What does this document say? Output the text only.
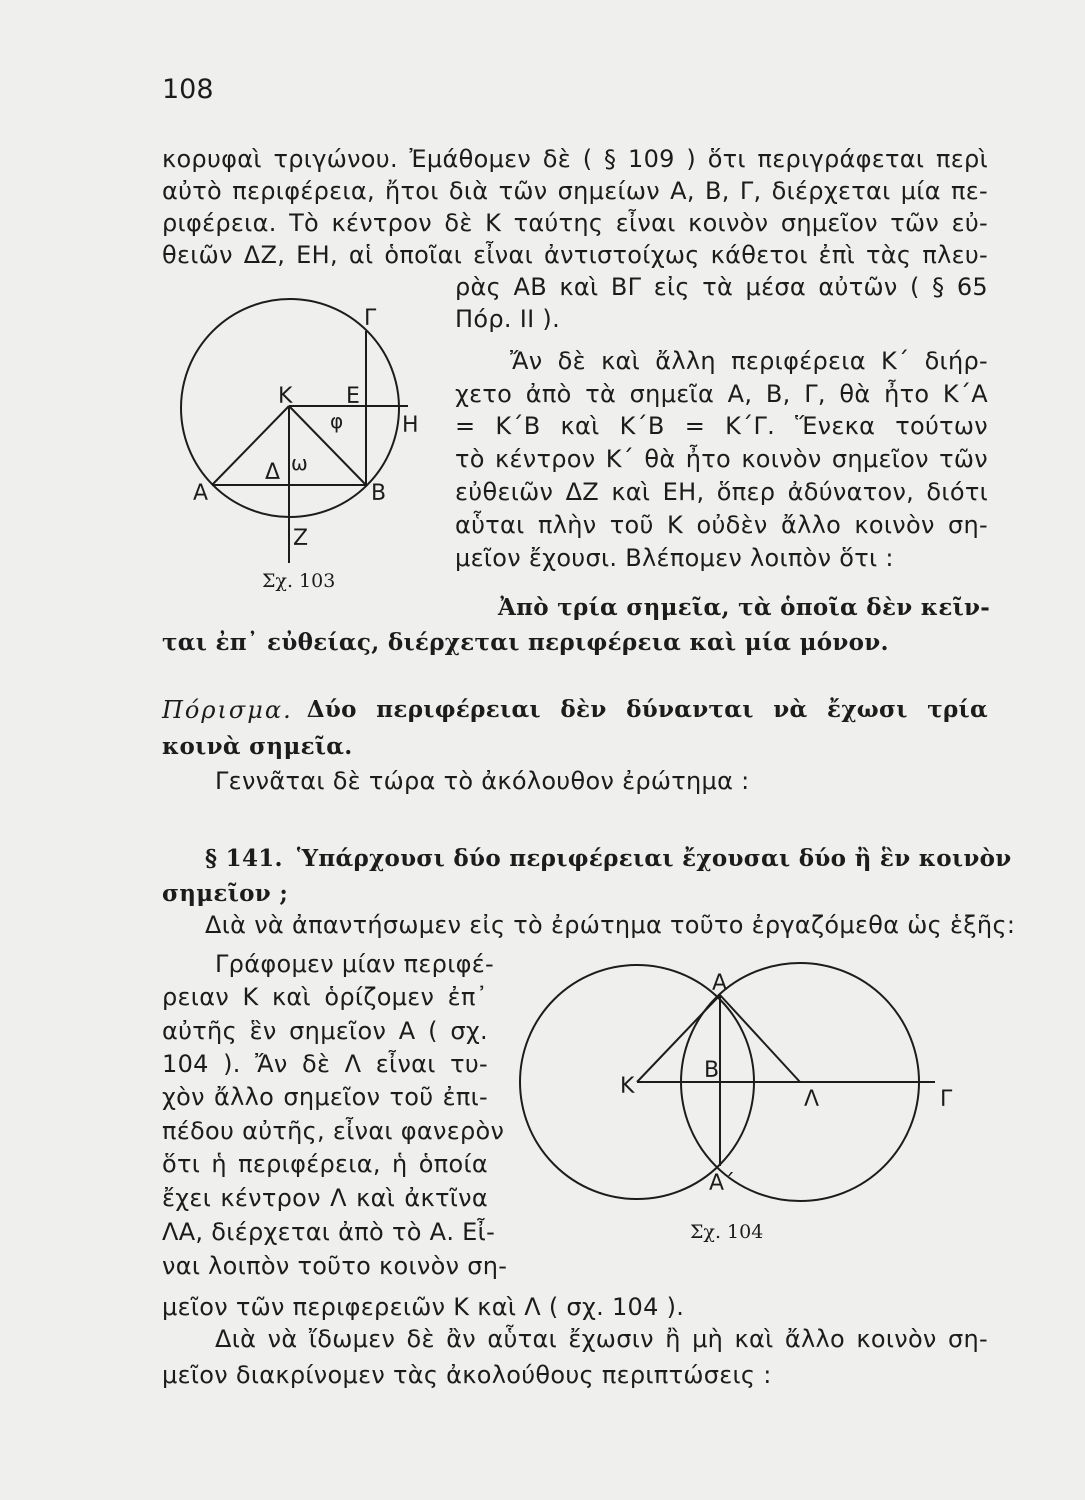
108
κορυφαὶ τριγώνου. Ἐμάθομεν δὲ ( § 109 ) ὅτι περιγράφεται περὶ
αὐτὸ περιφέρεια, ἤτοι διὰ τῶν σημείων Α, Β, Γ, διέρχεται μία πε-
ριφέρεια. Τὸ κέντρον δὲ Κ ταύτης εἶναι κοινὸν σημεῖον τῶν εὐ-
θειῶν ΔΖ, ΕΗ, αἱ ὁποῖαι εἶναι ἀντιστοίχως κάθετοι ἐπὶ τὰς πλευ-
ρὰς ΑΒ καὶ ΒΓ εἰς τὰ μέσα αὐτῶν ( § 65
Πόρ. ΙΙ ).
Ἄν δὲ καὶ ἄλλη περιφέρεια Κ΄ διήρ-
χετο ἀπὸ τὰ σημεῖα Α, Β, Γ, θὰ ἦτο Κ΄Α
= Κ΄Β καὶ Κ΄Β = Κ΄Γ. Ἕνεκα τούτων
τὸ κέντρον Κ΄ θὰ ἦτο κοινὸν σημεῖον τῶν
εὐθειῶν ΔΖ καὶ ΕΗ, ὅπερ ἀδύνατον, διότι
αὗται πλὴν τοῦ Κ οὐδὲν ἄλλο κοινὸν ση-
μεῖον ἔχουσι. Βλέπομεν λοιπὸν ὅτι :
Ἀπὸ τρία σημεῖα, τὰ ὁποῖα δὲν κεῖν-
ται ἐπ᾿ εὐθείας, διέρχεται περιφέρεια καὶ μία μόνον.
Πόρισμα. Δύο περιφέρειαι δὲν δύνανται νὰ ἔχωσι τρία
κοινὰ σημεῖα.
Γεννᾶται δὲ τώρα τὸ ἀκόλουθον ἐρώτημα :
§ 141. Ὑπάρχουσι δύο περιφέρειαι ἔχουσαι δύο ἢ ἓν κοινὸν
σημεῖον ;
Διὰ νὰ ἀπαντήσωμεν εἰς τὸ ἐρώτημα τοῦτο ἐργαζόμεθα ὡς ἑξῆς:
Γράφομεν μίαν περιφέ-
ρειαν Κ καὶ ὁρίζομεν ἐπ᾿
αὐτῆς ἓν σημεῖον Α ( σχ.
104 ). Ἄν δὲ Λ εἶναι τυ-
χὸν ἄλλο σημεῖον τοῦ ἐπι-
πέδου αὐτῆς, εἶναι φανερὸν
ὅτι ἡ περιφέρεια, ἡ ὁποία
ἔχει κέντρον Λ καὶ ἀκτῖνα
ΛΑ, διέρχεται ἀπὸ τὸ Α. Εἶ-
ναι λοιπὸν τοῦτο κοινὸν ση-
μεῖον τῶν περιφερειῶν Κ καὶ Λ ( σχ. 104 ).
Διὰ νὰ ἴδωμεν δὲ ἂν αὗται ἔχωσιν ἢ μὴ καὶ ἄλλο κοινὸν ση-
μεῖον διακρίνομεν τὰς ἀκολούθους περιπτώσεις :
Γ
Κ Ε
φ	Η
Δ ω
Α	Β
Ζ
Σχ. 103
Α
Κ
Β
Λ	Γ
Α΄
Σχ. 104
